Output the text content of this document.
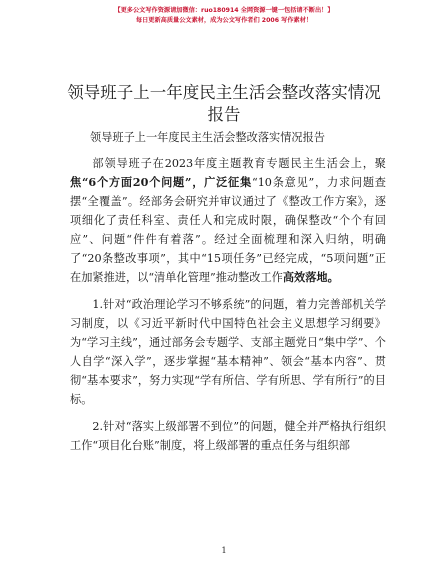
【更多公文写作资源请加微信：ruo180914 全网资源一键一包括请不断出！】
每日更新高质量公文素材，成为公文写作者们 2006 写作素材！
领导班子上一年度民主生活会整改落实情况报告
领导班子上一年度民主生活会整改落实情况报告

部领导班子在2023年度主题教育专题民主生活会上，聚焦“6个方面20个问题”，广泛征集“10条意见”，力求问题查摆“全覆盖”。经部务会研究并审议通过了《整改工作方案》，逐项细化了责任科室、责任人和完成时限，确保整改“个个有回应”、问题“件件有着落”。经过全面梳理和深入归纳，明确了“20条整改事项”，其中“15项任务”已经完成，“5项问题”正在加紧推进，以“清单化管理”推动整改工作高效落地。

1.针对“政治理论学习不够系统”的问题，着力完善部机关学习制度，以《习近平新时代中国特色社会主义思想学习纲要》为“学习主线”，通过部务会专题学、支部主题党日“集中学”、个人自学“深入学”，逐步掌握“基本精神”、领会“基本内容”、贯彻“基本要求”，努力实现“学有所信、学有所思、学有所行”的目标。

2.针对“落实上级部署不到位”的问题，健全并严格执行组织工作“项目化台账”制度，将上级部署的重点任务与组织部

1
